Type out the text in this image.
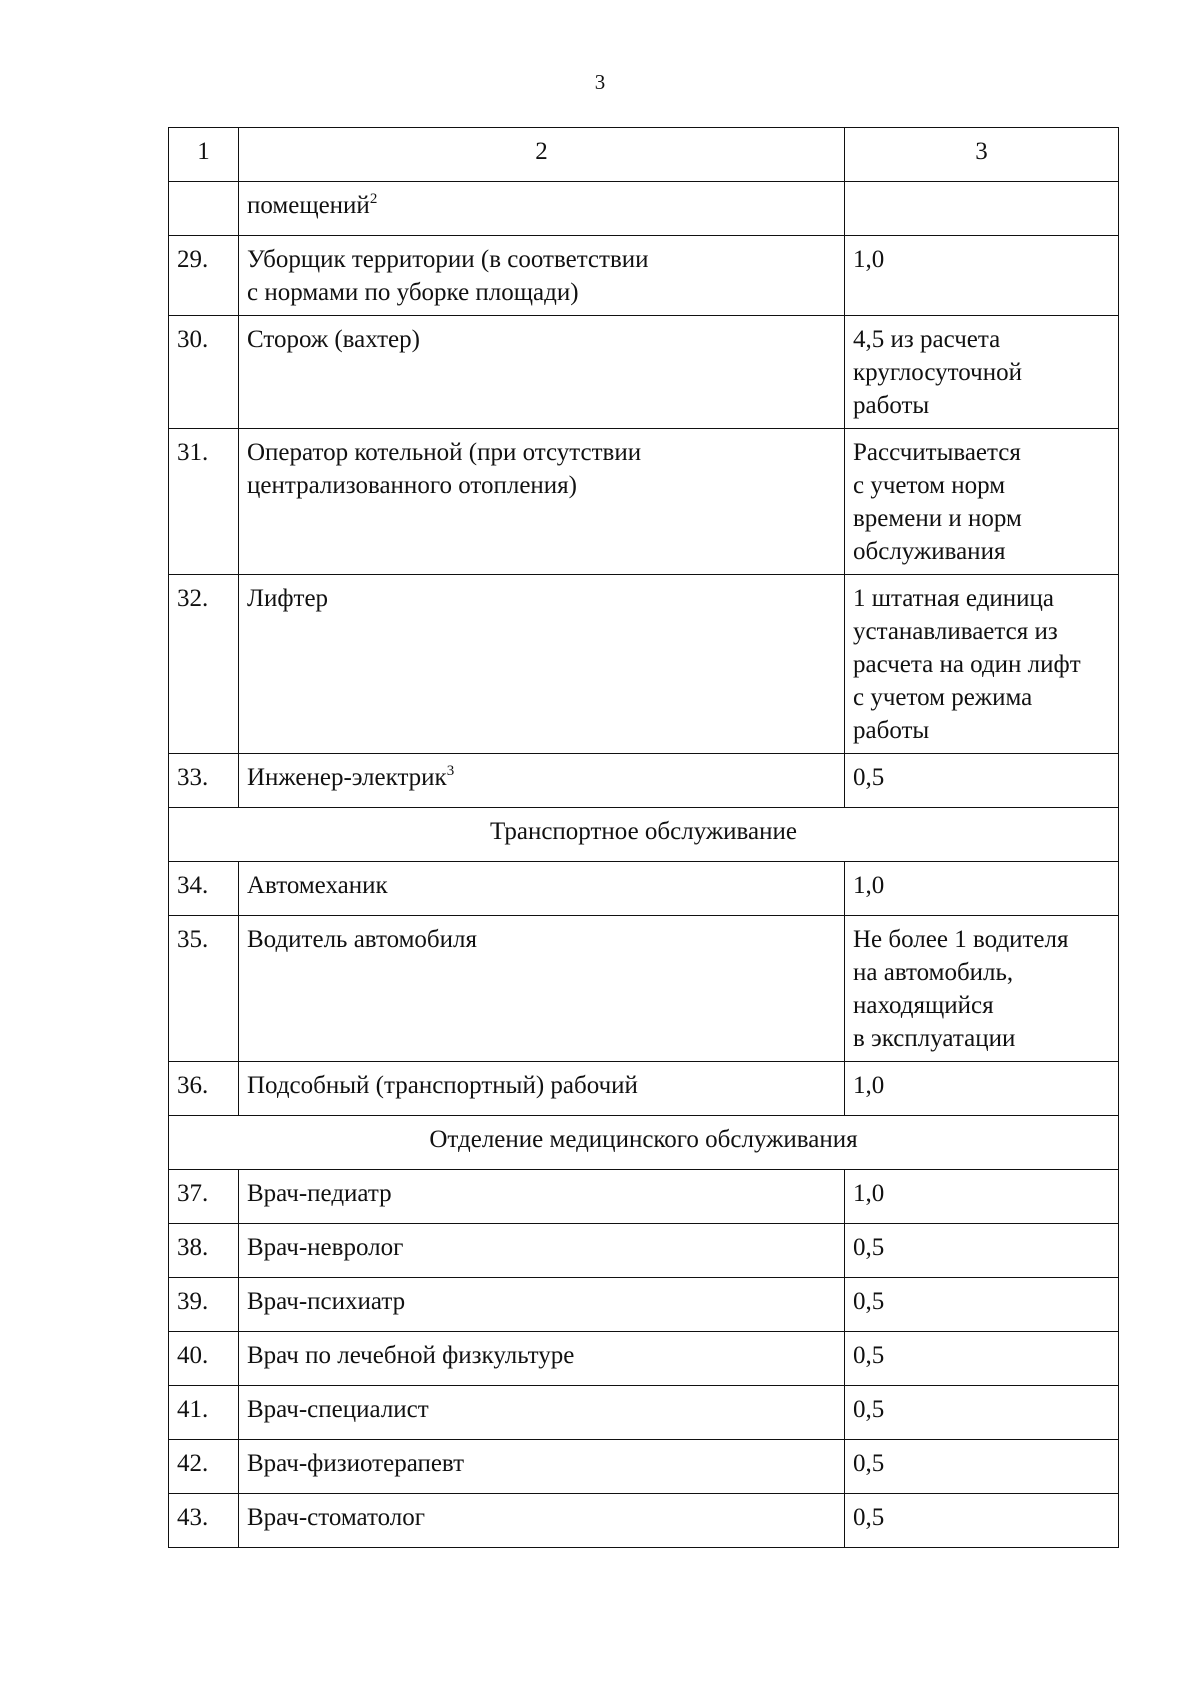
3
1	2	3
	помещений$^2$	
29.	Уборщик территории (в соответствии
с нормами по уборке площади)	1,0

30.	Сторож (вахтер)	4,5 из расчета
круглосуточной
работы

31.	Оператор котельной (при отсутствии
централизованного отопления)	Рассчитывается
с учетом норм
времени и норм
обслуживания

32.	Лифтер	1 штатная единица
устанавливается из
расчета на один лифт
с учетом режима
работы

33.	Инженер-электрик$^3$	0,5
Транспортное обслуживание		
34.	Автомеханик	1,0

35.	Водитель автомобиля	Не более 1 водителя
на автомобиль,
находящийся
в эксплуатации

36.	Подсобный (транспортный) рабочий	1,0

Отделение медицинского обслуживания		
37.	Врач-педиатр	1,0

38.	Врач-невролог	0,5

39.	Врач-психиатр	0,5

40.	Врач по лечебной физкультуре	0,5

41.	Врач-специалист	0,5

42.	Врач-физиотерапевт	0,5

43.	Врач-стоматолог	0,5
